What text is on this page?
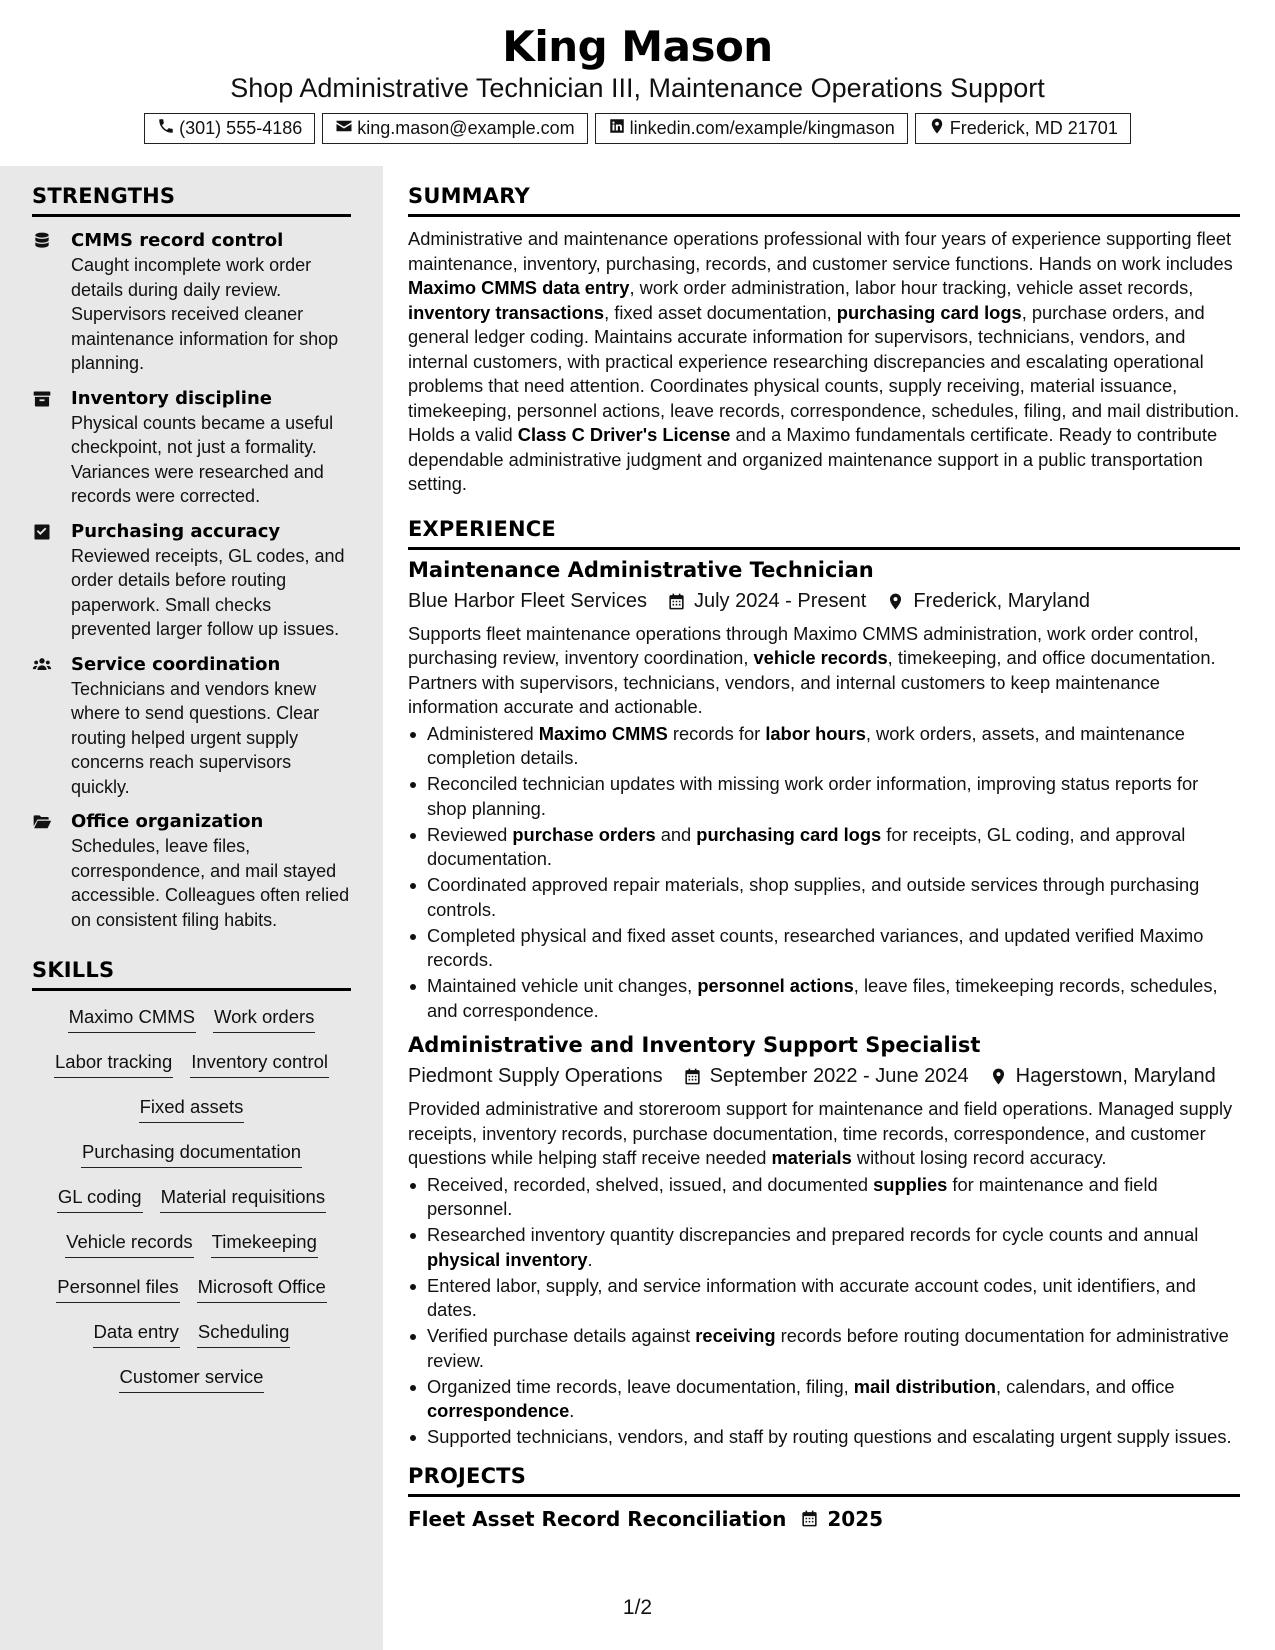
King Mason
Shop Administrative Technician III, Maintenance Operations Support
(301) 555-4186	king.mason@example.com	linkedin.com/example/kingmason	Frederick, MD 21701
STRENGTHS
CMMS record control
Caught incomplete work order details during daily review. Supervisors received cleaner maintenance information for shop planning.
Inventory discipline
Physical counts became a useful checkpoint, not just a formality. Variances were researched and records were corrected.
Purchasing accuracy
Reviewed receipts, GL codes, and order details before routing paperwork. Small checks prevented larger follow up issues.
Service coordination
Technicians and vendors knew where to send questions. Clear routing helped urgent supply concerns reach supervisors quickly.
Office organization
Schedules, leave files, correspondence, and mail stayed accessible. Colleagues often relied on consistent filing habits.
SKILLS
Maximo CMMS Work orders
Labor tracking Inventory control
Fixed assets
Purchasing documentation
GL coding Material requisitions
Vehicle records Timekeeping
Personnel files Microsoft Office
Data entry Scheduling
Customer service
SUMMARY

Administrative and maintenance operations professional with four years of experience supporting fleet maintenance, inventory, purchasing, records, and customer service functions. Hands on work includes Maximo CMMS data entry, work order administration, labor hour tracking, vehicle asset records, inventory transactions, fixed asset documentation, purchasing card logs, purchase orders, and general ledger coding. Maintains accurate information for supervisors, technicians, vendors, and internal customers, with practical experience researching discrepancies and escalating operational problems that need attention. Coordinates physical counts, supply receiving, material issuance, timekeeping, personnel actions, leave records, correspondence, schedules, filing, and mail distribution. Holds a valid Class C Driver's License and a Maximo fundamentals certificate. Ready to contribute dependable administrative judgment and organized maintenance support in a public transportation setting.

EXPERIENCE
Maintenance Administrative Technician
Blue Harbor Fleet Services July 2024 - Present Frederick, Maryland

Supports fleet maintenance operations through Maximo CMMS administration, work order control, purchasing review, inventory coordination, vehicle records, timekeeping, and office documentation. Partners with supervisors, technicians, vendors, and internal customers to keep maintenance information accurate and actionable.

Administered Maximo CMMS records for labor hours, work orders, assets, and maintenance completion details.
Reconciled technician updates with missing work order information, improving status reports for shop planning.
Reviewed purchase orders and purchasing card logs for receipts, GL coding, and approval documentation.
Coordinated approved repair materials, shop supplies, and outside services through purchasing controls.
Completed physical and fixed asset counts, researched variances, and updated verified Maximo records.
Maintained vehicle unit changes, personnel actions, leave files, timekeeping records, schedules, and correspondence.
Administrative and Inventory Support Specialist
Piedmont Supply Operations September 2022 - June 2024 Hagerstown, Maryland

Provided administrative and storeroom support for maintenance and field operations. Managed supply receipts, inventory records, purchase documentation, time records, correspondence, and customer questions while helping staff receive needed materials without losing record accuracy.

Received, recorded, shelved, issued, and documented supplies for maintenance and field personnel.
Researched inventory quantity discrepancies and prepared records for cycle counts and annual physical inventory.
Entered labor, supply, and service information with accurate account codes, unit identifiers, and dates.
Verified purchase details against receiving records before routing documentation for administrative review.
Organized time records, leave documentation, filing, mail distribution, calendars, and office correspondence.
Supported technicians, vendors, and staff by routing questions and escalating urgent supply issues.
PROJECTS
Fleet Asset Record Reconciliation 2025
1/2
